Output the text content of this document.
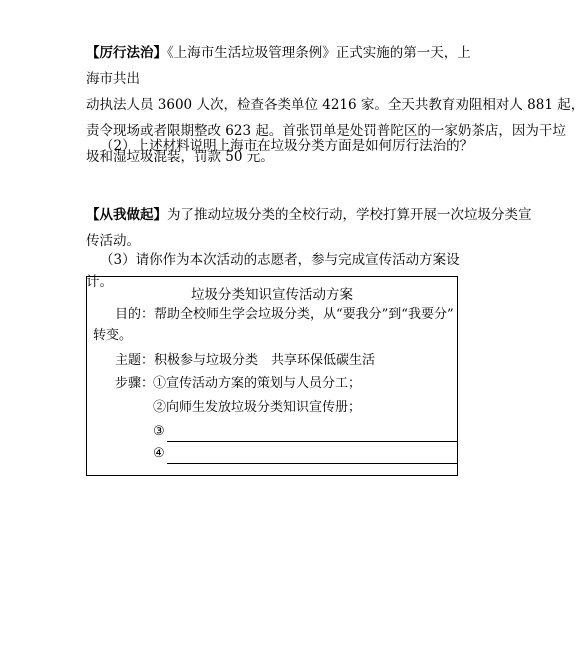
【厉行法治】《上海市生活垃圾管理条例》正式实施的第一天，上海市共出
动执法人员 3600 人次，检查各类单位 4216 家。全天共教育劝阻相对人 881 起，
责令现场或者限期整改 623 起。首张罚单是处罚普陀区的一家奶茶店，因为干垃
圾和湿垃圾混装，罚款 50 元。
（2）上述材料说明上海市在垃圾分类方面是如何厉行法治的？
【从我做起】为了推动垃圾分类的全校行动，学校打算开展一次垃圾分类宣
传活动。
（3）请你作为本次活动的志愿者，参与完成宣传活动方案设计。
垃圾分类知识宣传活动方案
目的：帮助全校师生学会垃圾分类，从“要我分”到“我要分”
转变。
主题：积极参与垃圾分类　共享环保低碳生活
步骤：
①宣传活动方案的策划与人员分工；
②向师生发放垃圾分类知识宣传册；
③
④
